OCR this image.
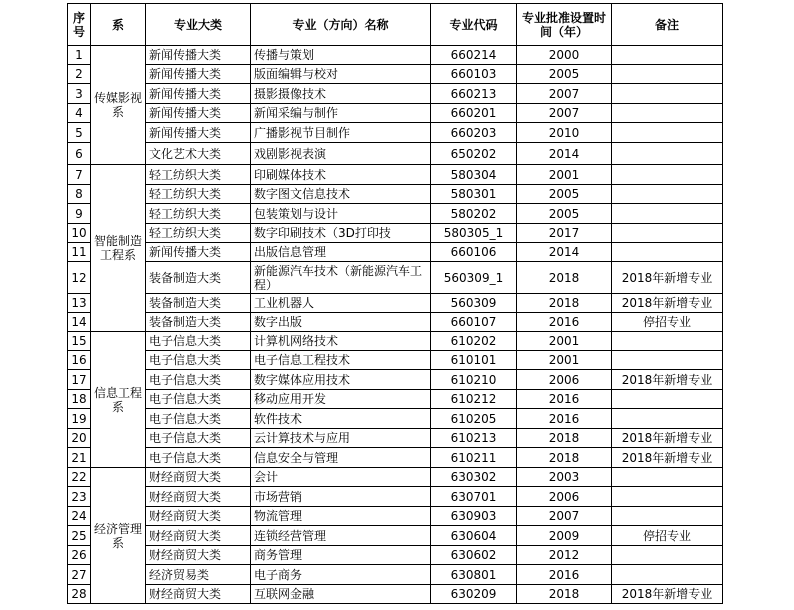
序号	系	专业大类	专业（方向）名称	专业代码	专业批准设置时间（年）	备注
1	传媒影视系	新闻传播大类	传播与策划	660214	2000	
2		新闻传播大类	版面编辑与校对	660103	2005	
3		新闻传播大类	摄影摄像技术	660213	2007	
4		新闻传播大类	新闻采编与制作	660201	2007	
5		新闻传播大类	广播影视节目制作	660203	2010	
6		文化艺术大类	戏剧影视表演	650202	2014	
7	智能制造工程系	轻工纺织大类	印刷媒体技术	580304	2001	
8		轻工纺织大类	数字图文信息技术	580301	2005	
9		轻工纺织大类	包装策划与设计	580202	2005	
10		轻工纺织大类	数字印刷技术（3D打印技	580305_1	2017	
11		新闻传播大类	出版信息管理	660106	2014	
12		装备制造大类	新能源汽车技术（新能源汽车工程）	560309_1	2018	2018年新增专业
13		装备制造大类	工业机器人	560309	2018	2018年新增专业
14		装备制造大类	数字出版	660107	2016	停招专业
15	信息工程系	电子信息大类	计算机网络技术	610202	2001	
16		电子信息大类	电子信息工程技术	610101	2001	
17		电子信息大类	数字媒体应用技术	610210	2006	2018年新增专业
18		电子信息大类	移动应用开发	610212	2016	
19		电子信息大类	软件技术	610205	2016	
20		电子信息大类	云计算技术与应用	610213	2018	2018年新增专业
21		电子信息大类	信息安全与管理	610211	2018	2018年新增专业
22	经济管理系	财经商贸大类	会计	630302	2003	
23		财经商贸大类	市场营销	630701	2006	
24		财经商贸大类	物流管理	630903	2007	
25		财经商贸大类	连锁经营管理	630604	2009	停招专业
26		财经商贸大类	商务管理	630602	2012	
27		经济贸易类	电子商务	630801	2016	
28		财经商贸大类	互联网金融	630209	2018	2018年新增专业
